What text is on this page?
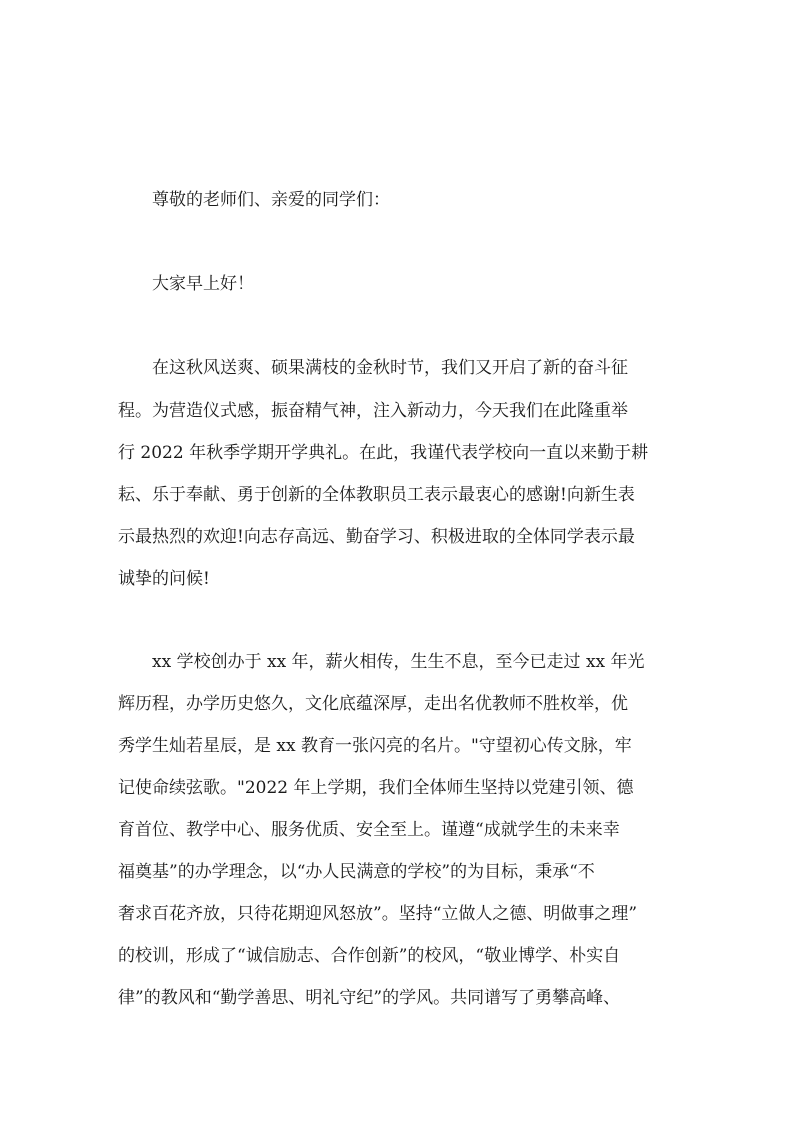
尊敬的老师们、亲爱的同学们：
大家早上好！
在这秋风送爽、硕果满枝的金秋时节，我们又开启了新的奋斗征
程。为营造仪式感，振奋精气神，注入新动力，今天我们在此隆重举
行 2022 年秋季学期开学典礼。在此，我谨代表学校向一直以来勤于耕
耘、乐于奉献、勇于创新的全体教职员工表示最衷心的感谢!向新生表
示最热烈的欢迎!向志存高远、勤奋学习、积极进取的全体同学表示最
诚挚的问候!
xx 学校创办于 xx 年，薪火相传，生生不息，至今已走过 xx 年光
辉历程，办学历史悠久，文化底蕴深厚，走出名优教师不胜枚举，优
秀学生灿若星辰，是 xx 教育一张闪亮的名片。"守望初心传文脉，牢
记使命续弦歌。"2022 年上学期，我们全体师生坚持以党建引领、德
育首位、教学中心、服务优质、安全至上。谨遵“成就学生的未来幸
福奠基”的办学理念，以“办人民满意的学校”的为目标，秉承“不
奢求百花齐放，只待花期迎风怒放”。坚持“立做人之德、明做事之理”
的校训，形成了“诚信励志、合作创新”的校风，“敬业博学、朴实自
律”的教风和“勤学善思、明礼守纪”的学风。共同谱写了勇攀高峰、
